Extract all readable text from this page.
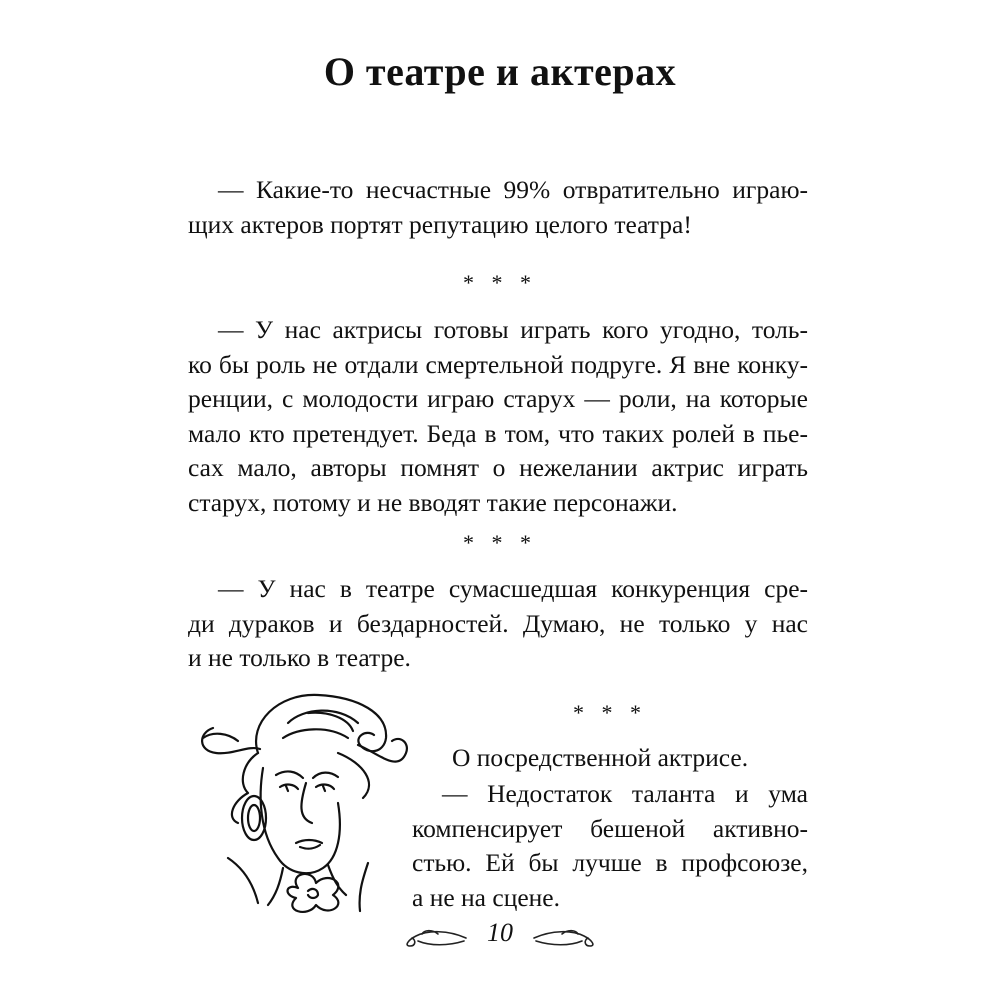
О театре и актерах

— Какие-то несчастные 99% отвратительно играю-
щих актеров портят репутацию целого театра!

* * *

— У нас актрисы готовы играть кого угодно, толь-
ко бы роль не отдали смертельной подруге. Я вне конку-
ренции, с молодости играю старух — роли, на которые
мало кто претендует. Беда в том, что таких ролей в пье-
сах мало, авторы помнят о нежелании актрис играть
старух, потому и не вводят такие персонажи.

* * *

— У нас в театре сумасшедшая конкуренция сре-
ди дураков и бездарностей. Думаю, не только у нас
и не только в театре.

* * *

О посредственной актрисе.

— Недостаток таланта и ума
компенсирует бешеной активно-
стью. Ей бы лучше в профсоюзе,
а не на сцене.

10
